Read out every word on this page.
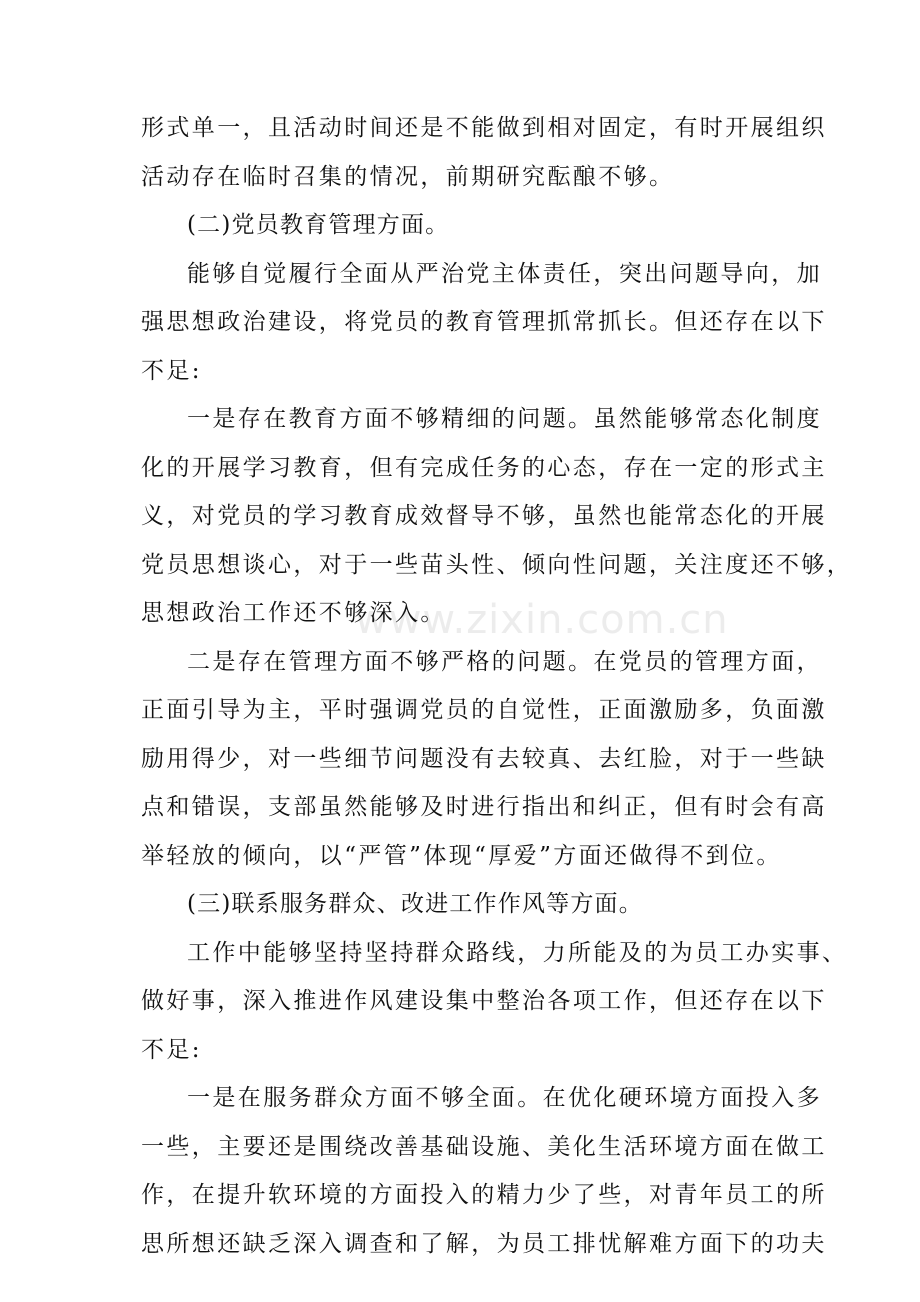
www.zixin.com.cn
形式单一，且活动时间还是不能做到相对固定，有时开展组织
活动存在临时召集的情况，前期研究酝酿不够。
(二)党员教育管理方面。
能够自觉履行全面从严治党主体责任，突出问题导向，加
强思想政治建设，将党员的教育管理抓常抓长。但还存在以下
不足:
一是存在教育方面不够精细的问题。虽然能够常态化制度
化的开展学习教育，但有完成任务的心态，存在一定的形式主
义，对党员的学习教育成效督导不够，虽然也能常态化的开展
党员思想谈心，对于一些苗头性、倾向性问题，关注度还不够，
思想政治工作还不够深入。
二是存在管理方面不够严格的问题。在党员的管理方面，
正面引导为主，平时强调党员的自觉性，正面激励多，负面激
励用得少，对一些细节问题没有去较真、去红脸，对于一些缺
点和错误，支部虽然能够及时进行指出和纠正，但有时会有高
举轻放的倾向，以“严管”体现“厚爱”方面还做得不到位。
(三)联系服务群众、改进工作作风等方面。
工作中能够坚持坚持群众路线，力所能及的为员工办实事、
做好事，深入推进作风建设集中整治各项工作，但还存在以下
不足:
一是在服务群众方面不够全面。在优化硬环境方面投入多
一些，主要还是围绕改善基础设施、美化生活环境方面在做工
作，在提升软环境的方面投入的精力少了些，对青年员工的所
思所想还缺乏深入调查和了解，为员工排忧解难方面下的功夫
